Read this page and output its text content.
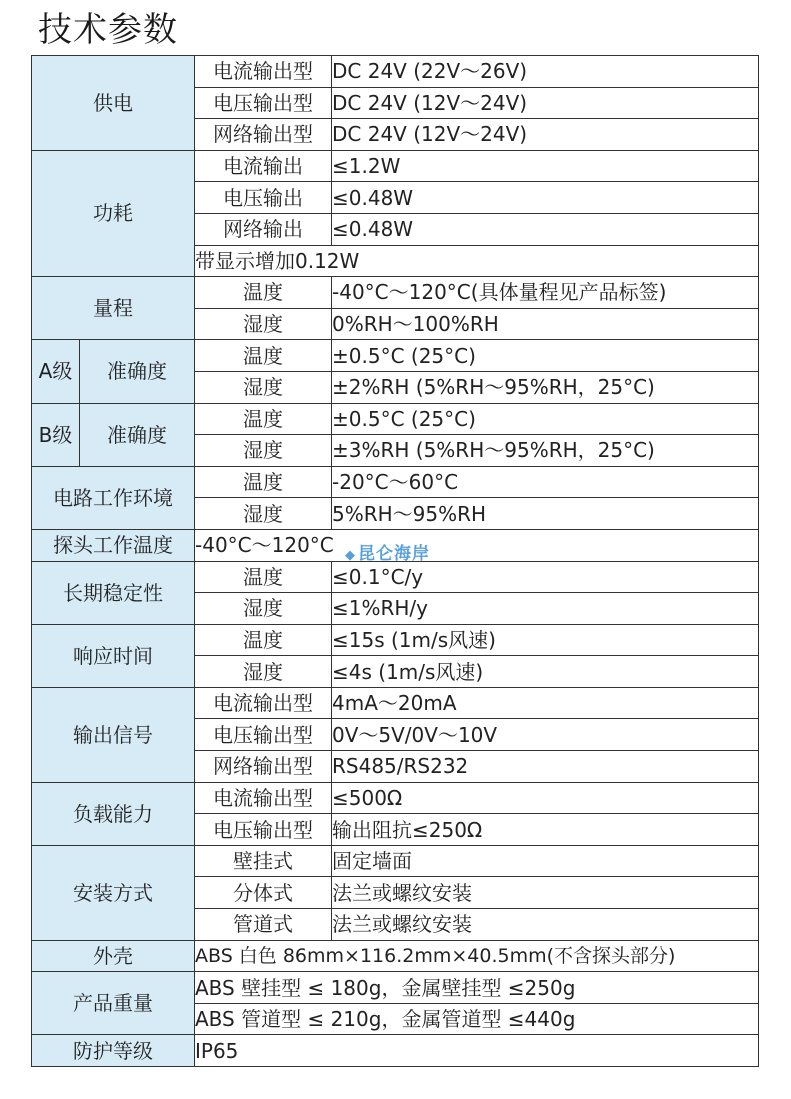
技术参数
供电		电流输出型	DC 24V (22V～26V)
		电压输出型	DC 24V (12V～24V)
		网络输出型	DC 24V (12V～24V)
功耗		电流输出	≤1.2W
		电压输出	≤0.48W
		网络输出	≤0.48W
		带显示增加0.12W	
量程		温度	-40°C～120°C(具体量程见产品标签)
		湿度	0%RH～100%RH
A级	准确度	温度	±0.5°C (25°C)
		湿度	±2%RH (5%RH～95%RH，25°C)
B级	准确度	温度	±0.5°C (25°C)
		湿度	±3%RH (5%RH～95%RH，25°C)
电路工作环境		温度	-20°C～60°C
		湿度	5%RH～95%RH
探头工作温度		-40°C～120°C	
长期稳定性		温度	≤0.1°C/y
		湿度	≤1%RH/y
响应时间		温度	≤15s (1m/s风速)
		湿度	≤4s (1m/s风速)
输出信号		电流输出型	4mA～20mA
		电压输出型	0V～5V/0V～10V
		网络输出型	RS485/RS232
负载能力		电流输出型	≤500Ω
		电压输出型	输出阻抗≤250Ω
安装方式		壁挂式	固定墙面
		分体式	法兰或螺纹安装
		管道式	法兰或螺纹安装
外壳		ABS 白色 86mm×116.2mm×40.5mm(不含探头部分)	
产品重量		ABS 壁挂型 ≤ 180g，金属壁挂型 ≤250g	
		ABS 管道型 ≤ 210g，金属管道型 ≤440g	
防护等级		IP65	
◆ 昆仑海岸
